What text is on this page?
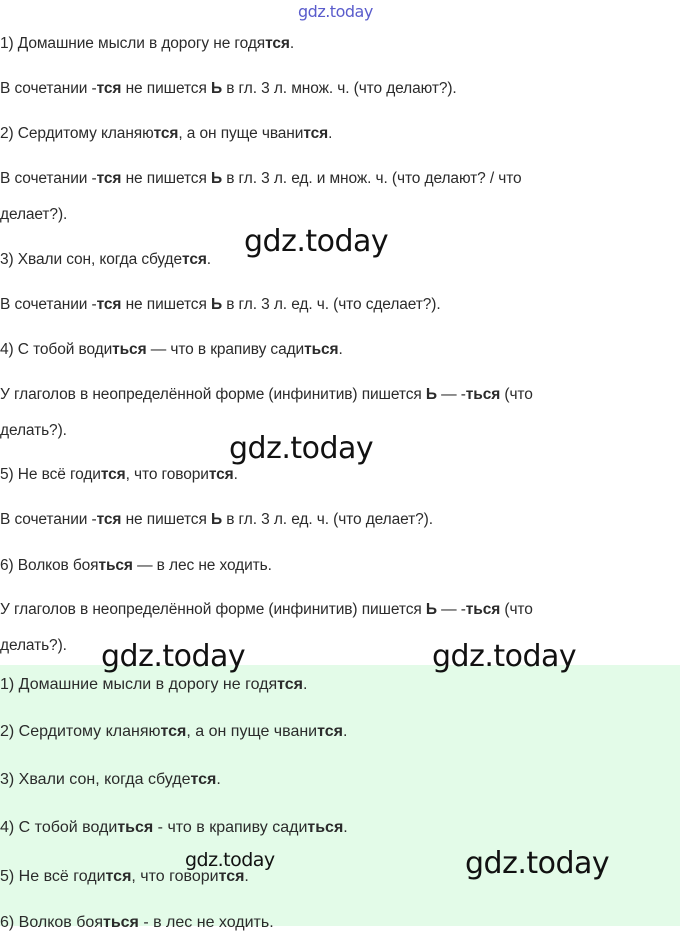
1) Домашние мысли в дорогу не годятся.
В сочетании -тся не пишется Ь в гл. 3 л. множ. ч. (что делают?).
2) Сердитому кланяются, а он пуще чванится.
В сочетании -тся не пишется Ь в гл. 3 л. ед. и множ. ч. (что делают? / что
делает?).
3) Хвали сон, когда сбудется.
В сочетании -тся не пишется Ь в гл. 3 л. ед. ч. (что сделает?).
4) С тобой водиться — что в крапиву садиться.
У глаголов в неопределённой форме (инфинитив) пишется Ь — -ться (что
делать?).
5) Не всё годится, что говорится.
В сочетании -тся не пишется Ь в гл. 3 л. ед. ч. (что делает?).
6) Волков бояться — в лес не ходить.
У глаголов в неопределённой форме (инфинитив) пишется Ь — -ться (что
делать?).
1) Домашние мысли в дорогу не годятся.
2) Сердитому кланяются, а он пуще чванится.
3) Хвали сон, когда сбудется.
4) С тобой водиться - что в крапиву садиться.
5) Не всё годится, что говорится.
6) Волков бояться - в лес не ходить.
gdz.today
gdz.today
gdz.today
gdz.today	gdz.today
gdz.today	gdz.today
